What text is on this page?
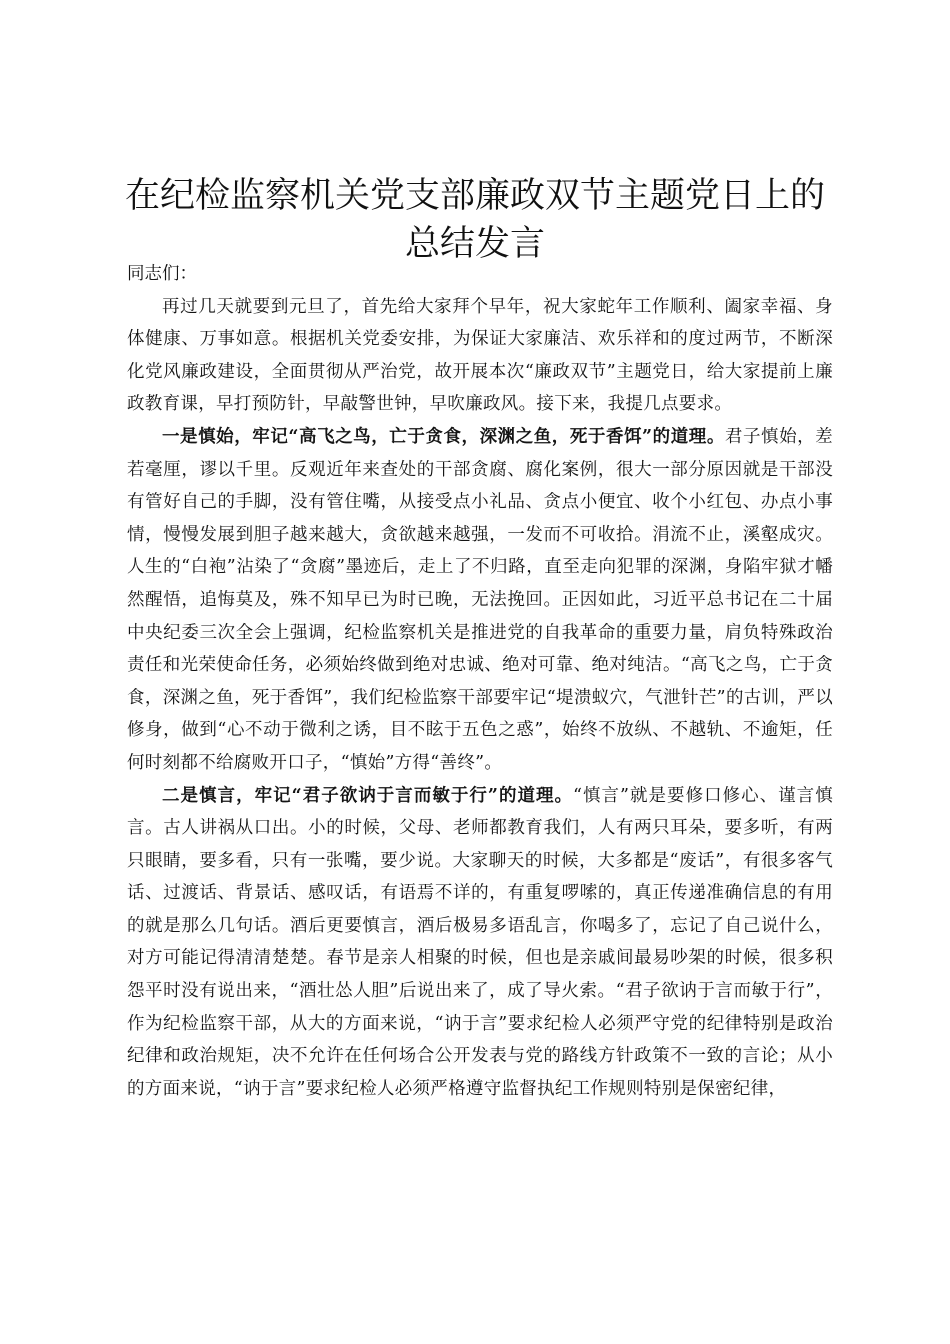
在纪检监察机关党支部廉政双节主题党日上的
总结发言

同志们：

再过几天就要到元旦了，首先给大家拜个早年，祝大家蛇年工作顺利、阖家幸福、身体健康、万事如意。根据机关党委安排，为保证大家廉洁、欢乐祥和的度过两节，不断深化党风廉政建设，全面贯彻从严治党，故开展本次“廉政双节”主题党日，给大家提前上廉政教育课，早打预防针，早敲警世钟，早吹廉政风。接下来，我提几点要求。

一是慎始，牢记“高飞之鸟，亡于贪食，深渊之鱼，死于香饵”的道理。君子慎始，差若毫厘，谬以千里。反观近年来查处的干部贪腐、腐化案例，很大一部分原因就是干部没有管好自己的手脚，没有管住嘴，从接受点小礼品、贪点小便宜、收个小红包、办点小事情，慢慢发展到胆子越来越大，贪欲越来越强，一发而不可收拾。涓流不止，溪壑成灾。人生的“白袍”沾染了“贪腐”墨迹后，走上了不归路，直至走向犯罪的深渊，身陷牢狱才幡然醒悟，追悔莫及，殊不知早已为时已晚，无法挽回。正因如此，习近平总书记在二十届中央纪委三次全会上强调，纪检监察机关是推进党的自我革命的重要力量，肩负特殊政治责任和光荣使命任务，必须始终做到绝对忠诚、绝对可靠、绝对纯洁。“高飞之鸟，亡于贪食，深渊之鱼，死于香饵”，我们纪检监察干部要牢记“堤溃蚁穴，气泄针芒”的古训，严以修身，做到“心不动于微利之诱，目不眩于五色之惑”，始终不放纵、不越轨、不逾矩，任何时刻都不给腐败开口子，“慎始”方得“善终”。

二是慎言，牢记“君子欲讷于言而敏于行”的道理。“慎言”就是要修口修心、谨言慎言。古人讲祸从口出。小的时候，父母、老师都教育我们，人有两只耳朵，要多听，有两只眼睛，要多看，只有一张嘴，要少说。大家聊天的时候，大多都是“废话”，有很多客气话、过渡话、背景话、感叹话，有语焉不详的，有重复啰嗦的，真正传递准确信息的有用的就是那么几句话。酒后更要慎言，酒后极易多语乱言，你喝多了，忘记了自己说什么，对方可能记得清清楚楚。春节是亲人相聚的时候，但也是亲戚间最易吵架的时候，很多积怨平时没有说出来，“酒壮怂人胆”后说出来了，成了导火索。“君子欲讷于言而敏于行”，作为纪检监察干部，从大的方面来说，“讷于言”要求纪检人必须严守党的纪律特别是政治纪律和政治规矩，决不允许在任何场合公开发表与党的路线方针政策不一致的言论；从小的方面来说，“讷于言”要求纪检人必须严格遵守监督执纪工作规则特别是保密纪律，
